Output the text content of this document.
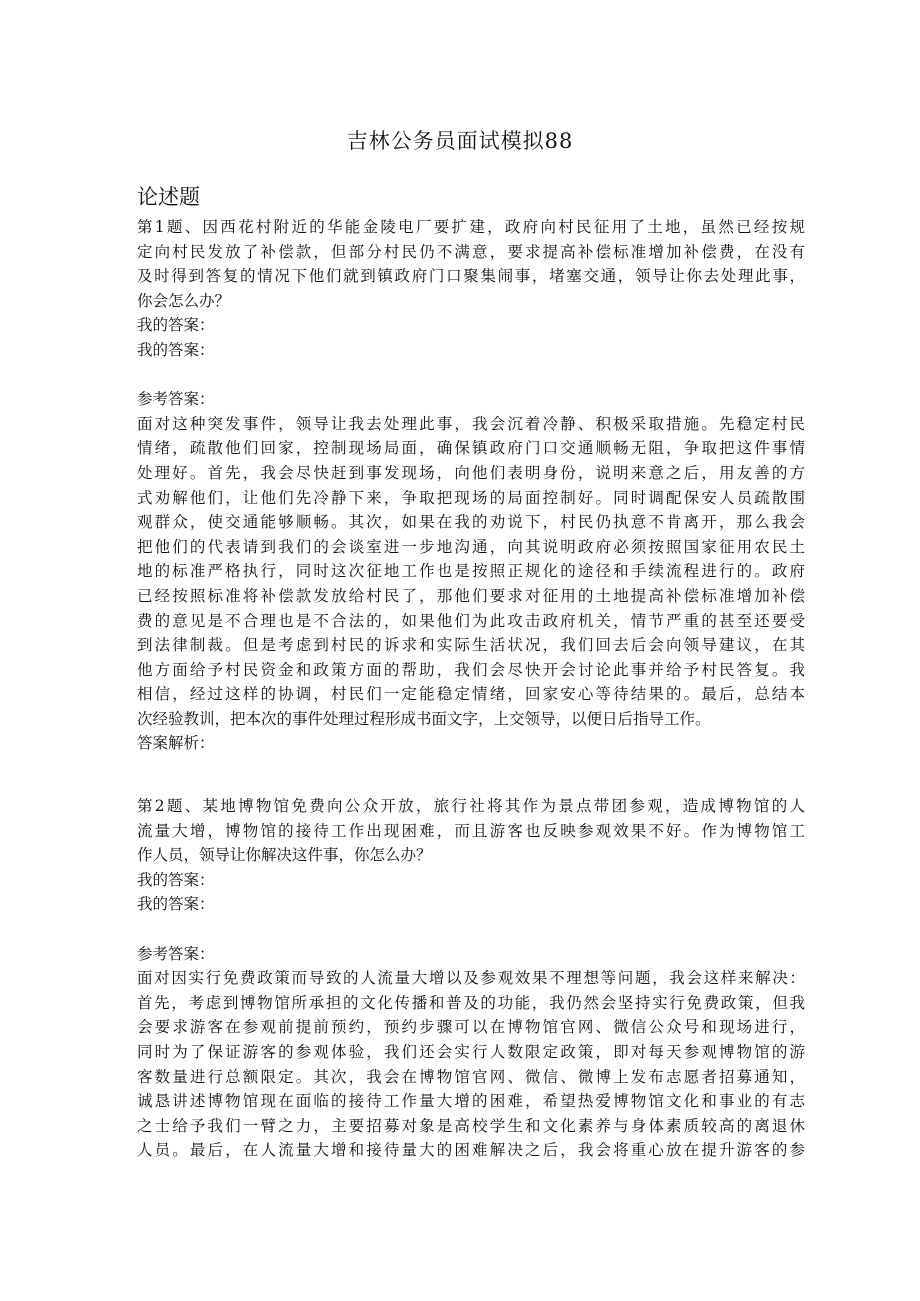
吉林公务员面试模拟88
论述题
第1题、因西花村附近的华能金陵电厂要扩建，政府向村民征用了土地，虽然已经按规
定向村民发放了补偿款，但部分村民仍不满意，要求提高补偿标准增加补偿费，在没有
及时得到答复的情况下他们就到镇政府门口聚集闹事，堵塞交通，领导让你去处理此事，
你会怎么办？
我的答案：
我的答案：
参考答案：
面对这种突发事件，领导让我去处理此事，我会沉着冷静、积极采取措施。先稳定村民
情绪，疏散他们回家，控制现场局面，确保镇政府门口交通顺畅无阻，争取把这件事情
处理好。首先，我会尽快赶到事发现场，向他们表明身份，说明来意之后，用友善的方
式劝解他们，让他们先冷静下来，争取把现场的局面控制好。同时调配保安人员疏散围
观群众，使交通能够顺畅。其次，如果在我的劝说下，村民仍执意不肯离开，那么我会
把他们的代表请到我们的会谈室进一步地沟通，向其说明政府必须按照国家征用农民土
地的标准严格执行，同时这次征地工作也是按照正规化的途径和手续流程进行的。政府
已经按照标准将补偿款发放给村民了，那他们要求对征用的土地提高补偿标准增加补偿
费的意见是不合理也是不合法的，如果他们为此攻击政府机关，情节严重的甚至还要受
到法律制裁。但是考虑到村民的诉求和实际生活状况，我们回去后会向领导建议，在其
他方面给予村民资金和政策方面的帮助，我们会尽快开会讨论此事并给予村民答复。我
相信，经过这样的协调，村民们一定能稳定情绪，回家安心等待结果的。最后，总结本
次经验教训，把本次的事件处理过程形成书面文字，上交领导，以便日后指导工作。
答案解析：
第2题、某地博物馆免费向公众开放，旅行社将其作为景点带团参观，造成博物馆的人
流量大增，博物馆的接待工作出现困难，而且游客也反映参观效果不好。作为博物馆工
作人员，领导让你解决这件事，你怎么办？
我的答案：
我的答案：
参考答案：
面对因实行免费政策而导致的人流量大增以及参观效果不理想等问题，我会这样来解决：
首先，考虑到博物馆所承担的文化传播和普及的功能，我仍然会坚持实行免费政策，但我
会要求游客在参观前提前预约，预约步骤可以在博物馆官网、微信公众号和现场进行，
同时为了保证游客的参观体验，我们还会实行人数限定政策，即对每天参观博物馆的游
客数量进行总额限定。其次，我会在博物馆官网、微信、微博上发布志愿者招募通知，
诚恳讲述博物馆现在面临的接待工作量大增的困难，希望热爱博物馆文化和事业的有志
之士给予我们一臂之力，主要招募对象是高校学生和文化素养与身体素质较高的离退休
人员。最后，在人流量大增和接待量大的困难解决之后，我会将重心放在提升游客的参
